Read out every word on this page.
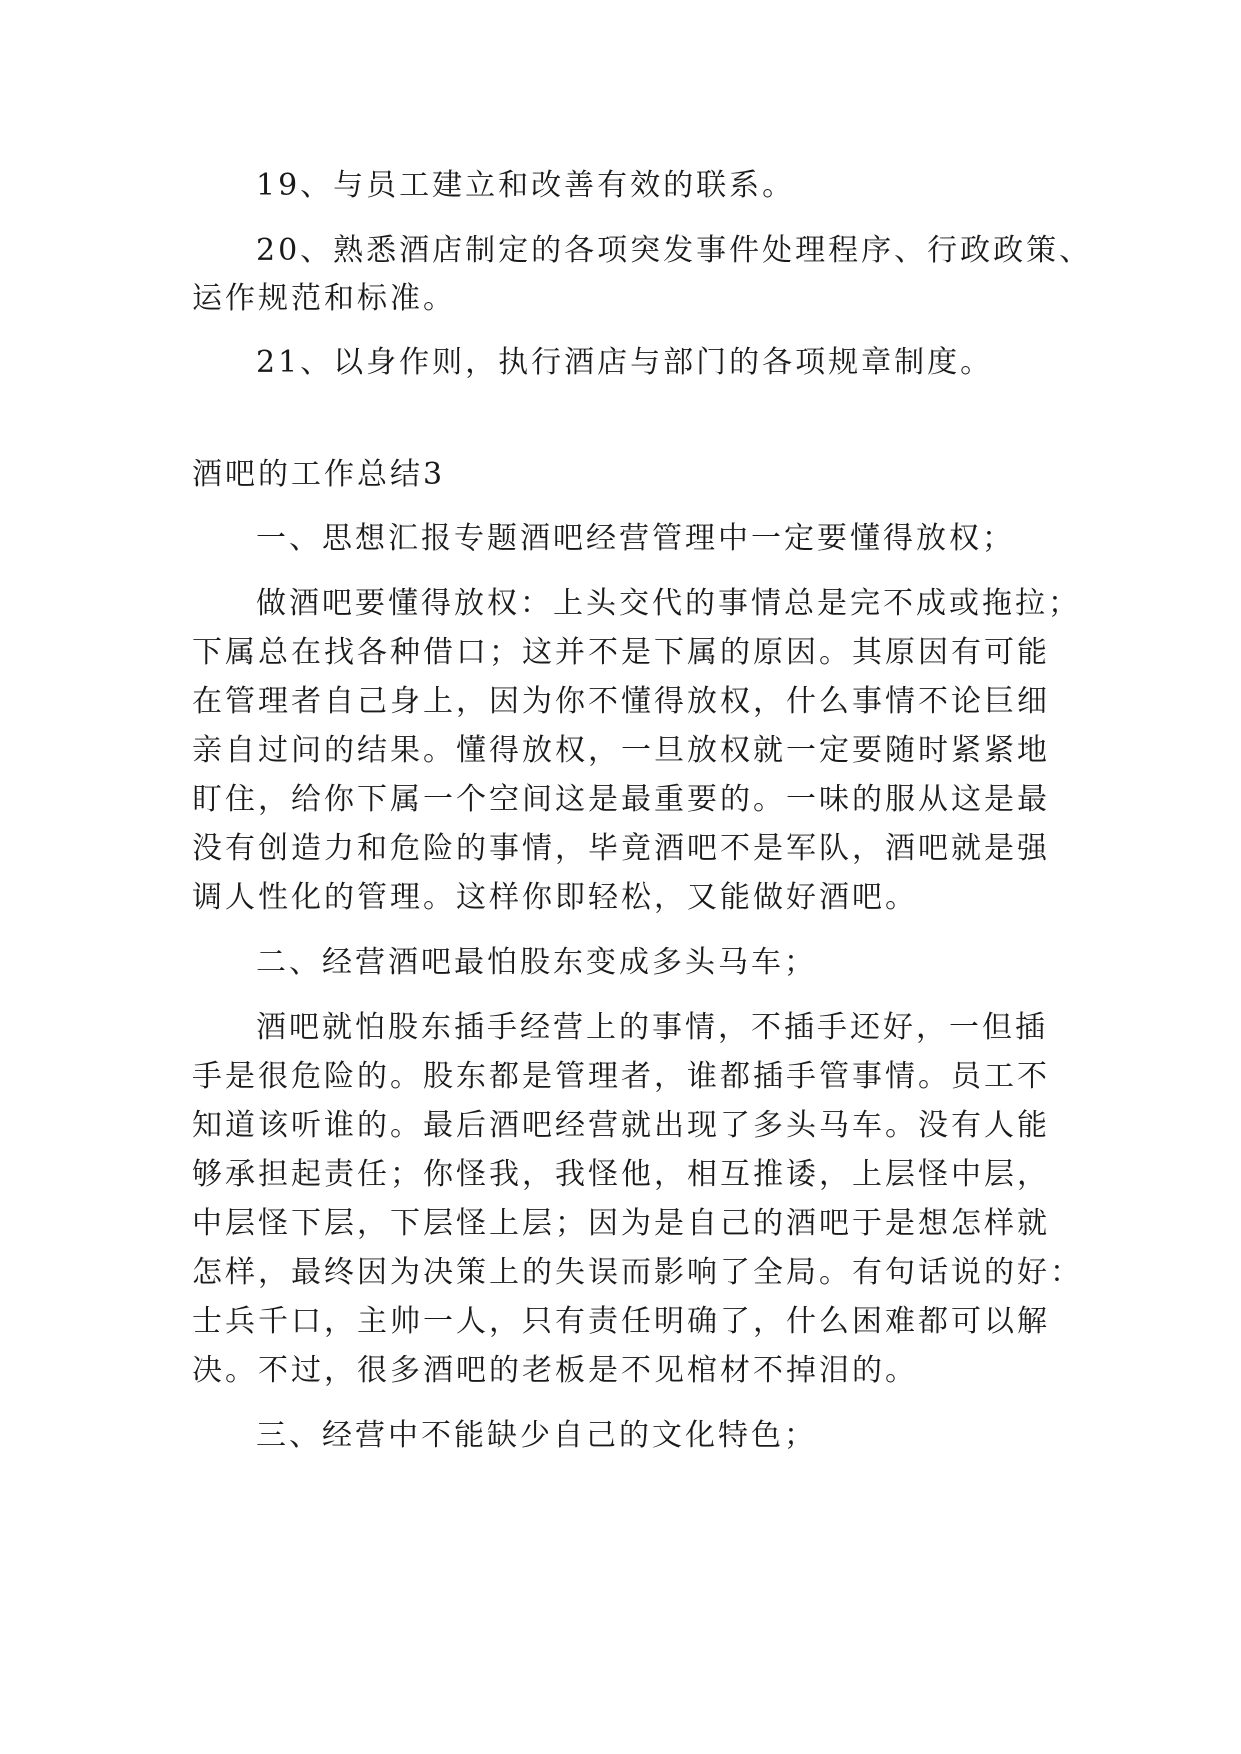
19、与员工建立和改善有效的联系。

20、熟悉酒店制定的各项突发事件处理程序、行政政策、

运作规范和标准。

21、以身作则，执行酒店与部门的各项规章制度。

酒吧的工作总结3

一、思想汇报专题酒吧经营管理中一定要懂得放权；

做酒吧要懂得放权：上头交代的事情总是完不成或拖拉；

下属总在找各种借口；这并不是下属的原因。其原因有可能

在管理者自己身上，因为你不懂得放权，什么事情不论巨细

亲自过问的结果。懂得放权，一旦放权就一定要随时紧紧地

盯住，给你下属一个空间这是最重要的。一味的服从这是最

没有创造力和危险的事情，毕竟酒吧不是军队，酒吧就是强

调人性化的管理。这样你即轻松，又能做好酒吧。

二、经营酒吧最怕股东变成多头马车；

酒吧就怕股东插手经营上的事情，不插手还好，一但插

手是很危险的。股东都是管理者，谁都插手管事情。员工不

知道该听谁的。最后酒吧经营就出现了多头马车。没有人能

够承担起责任；你怪我，我怪他，相互推诿，上层怪中层，

中层怪下层，下层怪上层；因为是自己的酒吧于是想怎样就

怎样，最终因为决策上的失误而影响了全局。有句话说的好：

士兵千口，主帅一人，只有责任明确了，什么困难都可以解

决。不过，很多酒吧的老板是不见棺材不掉泪的。

三、经营中不能缺少自己的文化特色；
